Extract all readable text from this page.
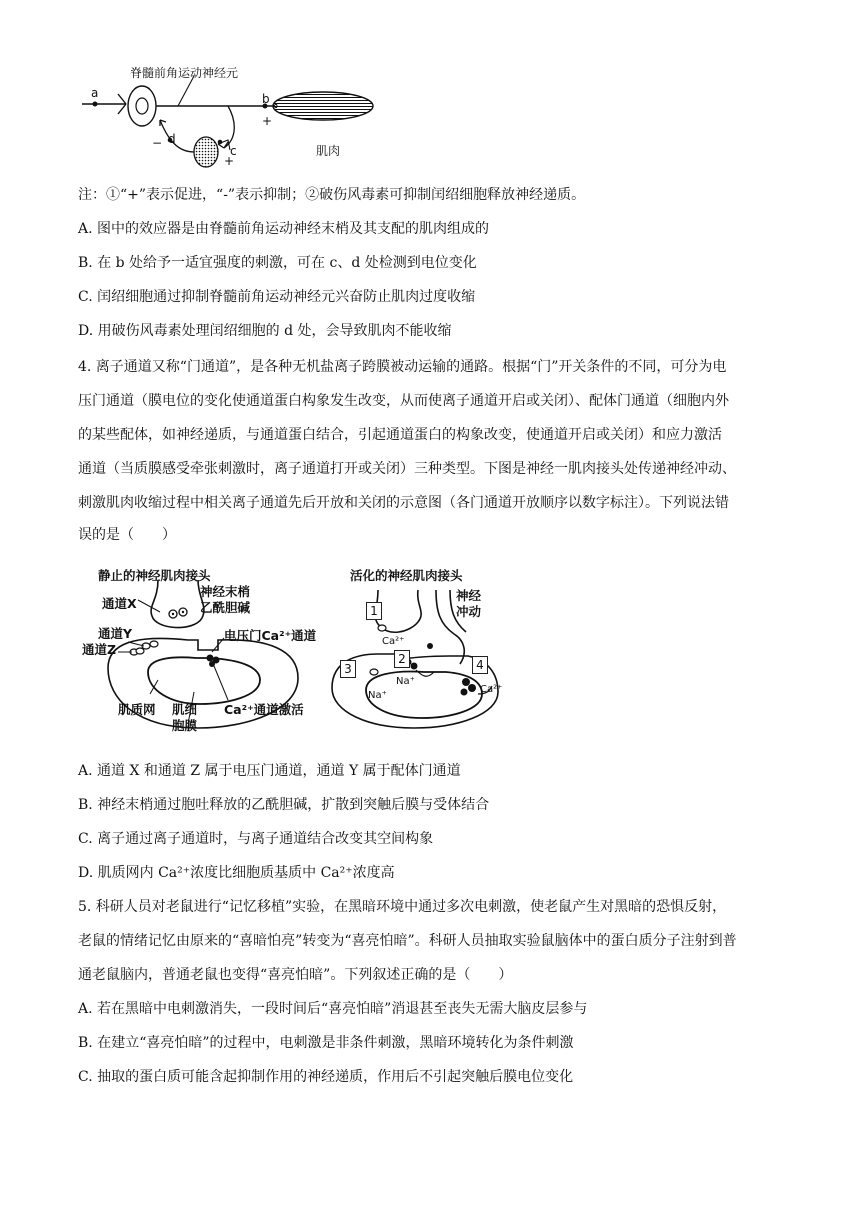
脊髓前角运动神经元
a	b
+
d
−
c
+
肌肉
注：①“+”表示促进，“-”表示抑制；②破伤风毒素可抑制闰绍细胞释放神经递质。
A. 图中的效应器是由脊髓前角运动神经末梢及其支配的肌肉组成的
B. 在 b 处给予一适宜强度的刺激，可在 c、d 处检测到电位变化
C. 闰绍细胞通过抑制脊髓前角运动神经元兴奋防止肌肉过度收缩
D. 用破伤风毒素处理闰绍细胞的 d 处，会导致肌肉不能收缩
4. 离子通道又称“门通道”，是各种无机盐离子跨膜被动运输的通路。根据“门”开关条件的不同，可分为电
压门通道（膜电位的变化使通道蛋白构象发生改变，从而使离子通道开启或关闭）、配体门通道（细胞内外
的某些配体，如神经递质，与通道蛋白结合，引起通道蛋白的构象改变，使通道开启或关闭）和应力激活
通道（当质膜感受牵张刺激时，离子通道打开或关闭）三种类型。下图是神经一肌肉接头处传递神经冲动、
刺激肌肉收缩过程中相关离子通道先后开放和关闭的示意图（各门通道开放顺序以数字标注）。下列说法错
误的是（　　）
静止的神经肌肉接头
通道X
神经末梢
乙酰胆碱
通道Y
通道Z
电压门Ca²⁺通道
肌质网 肌细
胞膜
Ca²⁺通道激活
活化的神经肌肉接头
神经
冲动
1
2
3	4
Ca²⁺
Na⁺
Na⁺
Ca²⁺
A. 通道 X 和通道 Z 属于电压门通道，通道 Y 属于配体门通道
B. 神经末梢通过胞吐释放的乙酰胆碱，扩散到突触后膜与受体结合
C. 离子通过离子通道时，与离子通道结合改变其空间构象
D. 肌质网内 Ca²⁺浓度比细胞质基质中 Ca²⁺浓度高
5. 科研人员对老鼠进行“记忆移植”实验，在黑暗环境中通过多次电刺激，使老鼠产生对黑暗的恐惧反射，
老鼠的情绪记忆由原来的“喜暗怕亮”转变为“喜亮怕暗”。科研人员抽取实验鼠脑体中的蛋白质分子注射到普
通老鼠脑内，普通老鼠也变得“喜亮怕暗”。下列叙述正确的是（　　）
A. 若在黑暗中电刺激消失，一段时间后“喜亮怕暗”消退甚至丧失无需大脑皮层参与
B. 在建立“喜亮怕暗”的过程中，电刺激是非条件刺激，黑暗环境转化为条件刺激
C. 抽取的蛋白质可能含起抑制作用的神经递质，作用后不引起突触后膜电位变化
